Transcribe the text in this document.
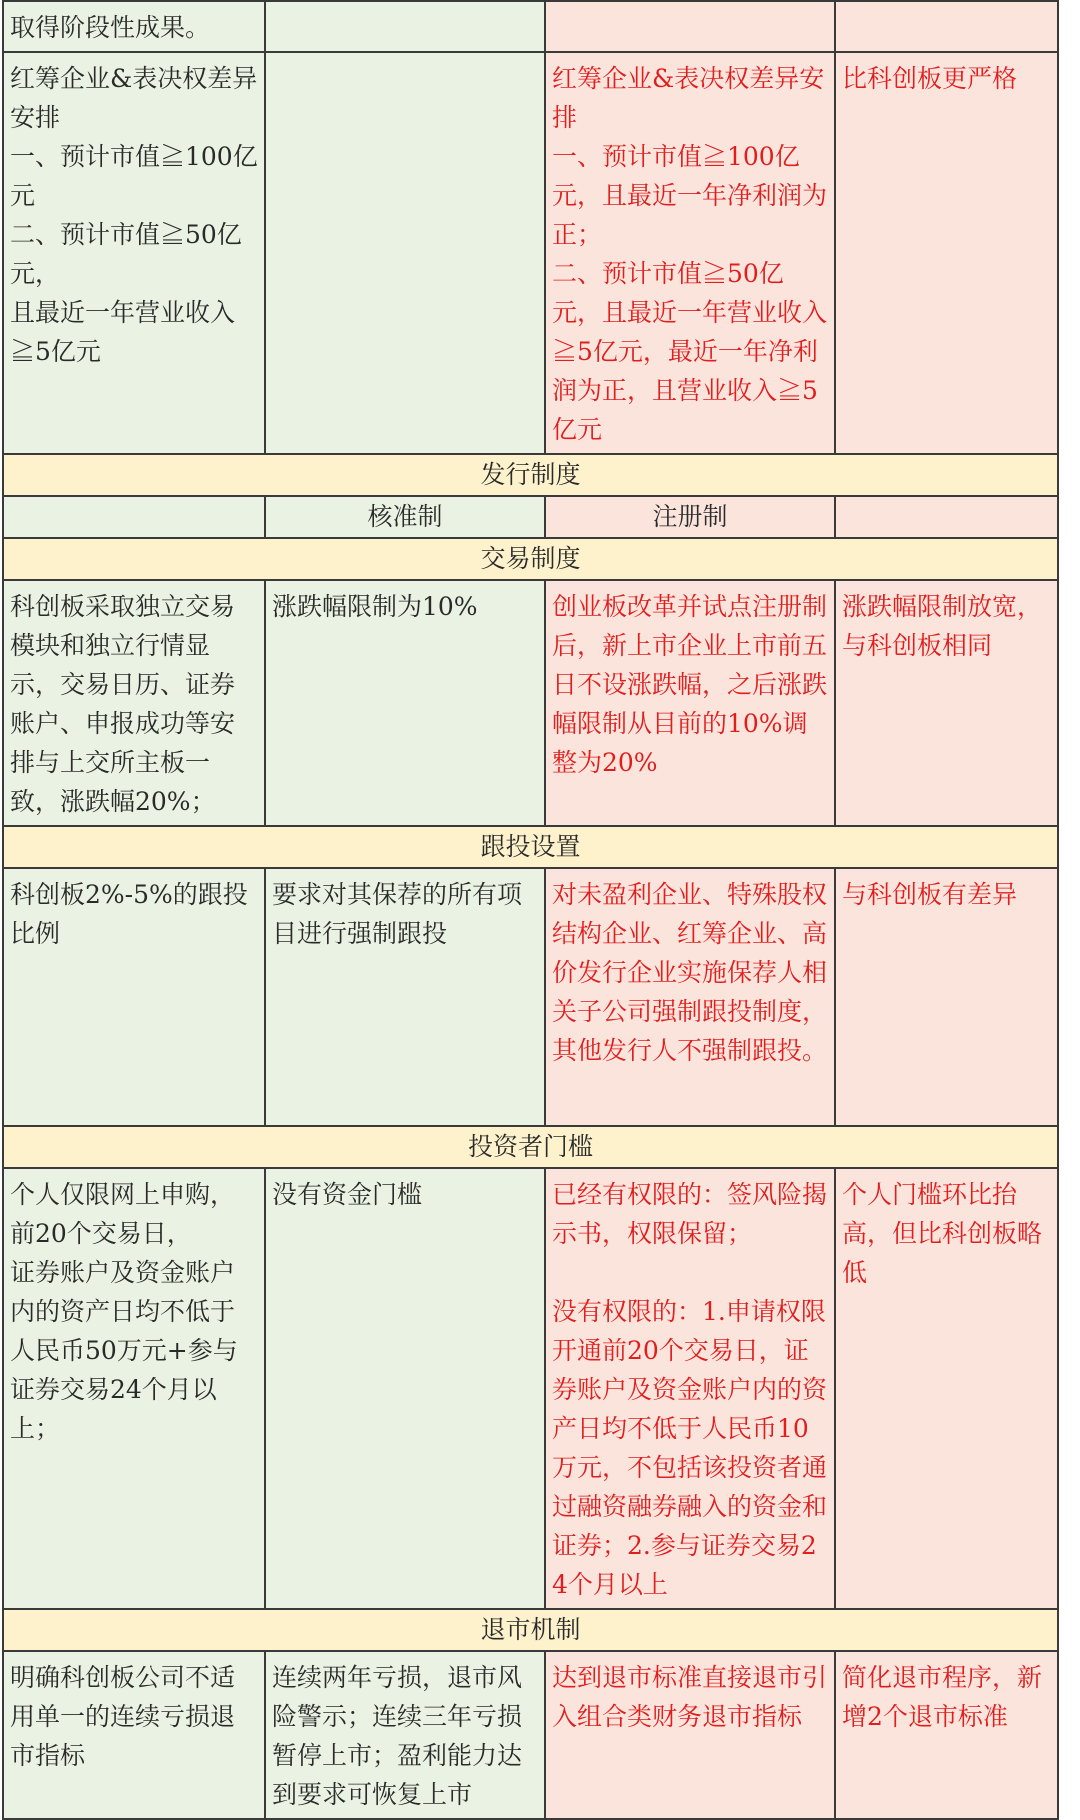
取得阶段性成果。			
红筹企业&表决权差异安排
一、预计市值≧100亿元
二、预计市值≧50亿元，
且最近一年营业收入≧5亿元		红筹企业&表决权差异安排
一、预计市值≧100亿元，且最近一年净利润为正；
二、预计市值≧50亿元，且最近一年营业收入≧5亿元，最近一年净利润为正，且营业收入≧5亿元	比科创板更严格
发行制度			
	核准制	注册制	
交易制度			
科创板采取独立交易模块和独立行情显示，交易日历、证券账户、申报成功等安排与上交所主板一致，涨跌幅20%；	涨跌幅限制为10%	创业板改革并试点注册制后，新上市企业上市前五日不设涨跌幅，之后涨跌幅限制从目前的10%调整为20%	涨跌幅限制放宽，与科创板相同
跟投设置			
科创板2%-5%的跟投比例	要求对其保荐的所有项目进行强制跟投	对未盈利企业、特殊股权结构企业、红筹企业、高价发行企业实施保荐人相关子公司强制跟投制度，其他发行人不强制跟投。	与科创板有差异
投资者门槛			
个人仅限网上申购，前20个交易日，
证券账户及资金账户内的资产日均不低于人民币50万元+参与证券交易24个月以上；	没有资金门槛	已经有权限的：签风险揭示书，权限保留；

没有权限的：1.申请权限开通前20个交易日，证券账户及资金账户内的资产日均不低于人民币10万元，不包括该投资者通过融资融券融入的资金和证券；2.参与证券交易24个月以上	个人门槛环比抬高，但比科创板略低
退市机制			
明确科创板公司不适用单一的连续亏损退市指标	连续两年亏损，退市风险警示；连续三年亏损暂停上市；盈利能力达到要求可恢复上市	达到退市标准直接退市引入组合类财务退市指标	简化退市程序，新增2个退市标准
